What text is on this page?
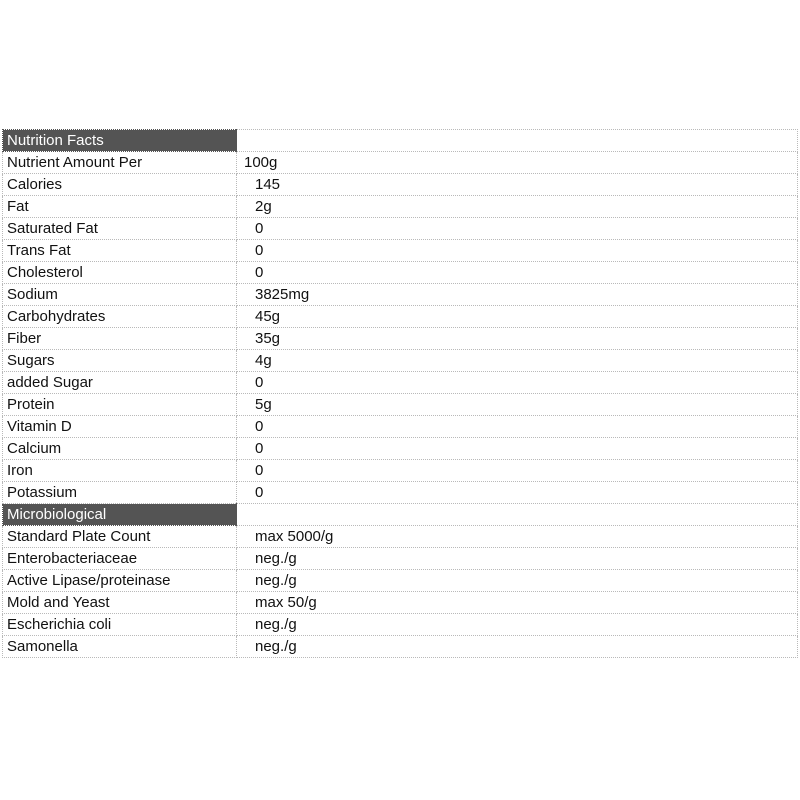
Nutrition Facts	
Nutrient Amount Per	100g
Calories	145
Fat	2g
Saturated Fat	0
Trans Fat	0
Cholesterol	0
Sodium	3825mg
Carbohydrates	45g
Fiber	35g
Sugars	4g
added Sugar	0
Protein	5g
Vitamin D	0
Calcium	0
Iron	0
Potassium	0
Microbiological	
Standard Plate Count	max 5000/g
Enterobacteriaceae	neg./g
Active Lipase/proteinase	neg./g
Mold and Yeast	max 50/g
Escherichia coli	neg./g
Samonella	neg./g
